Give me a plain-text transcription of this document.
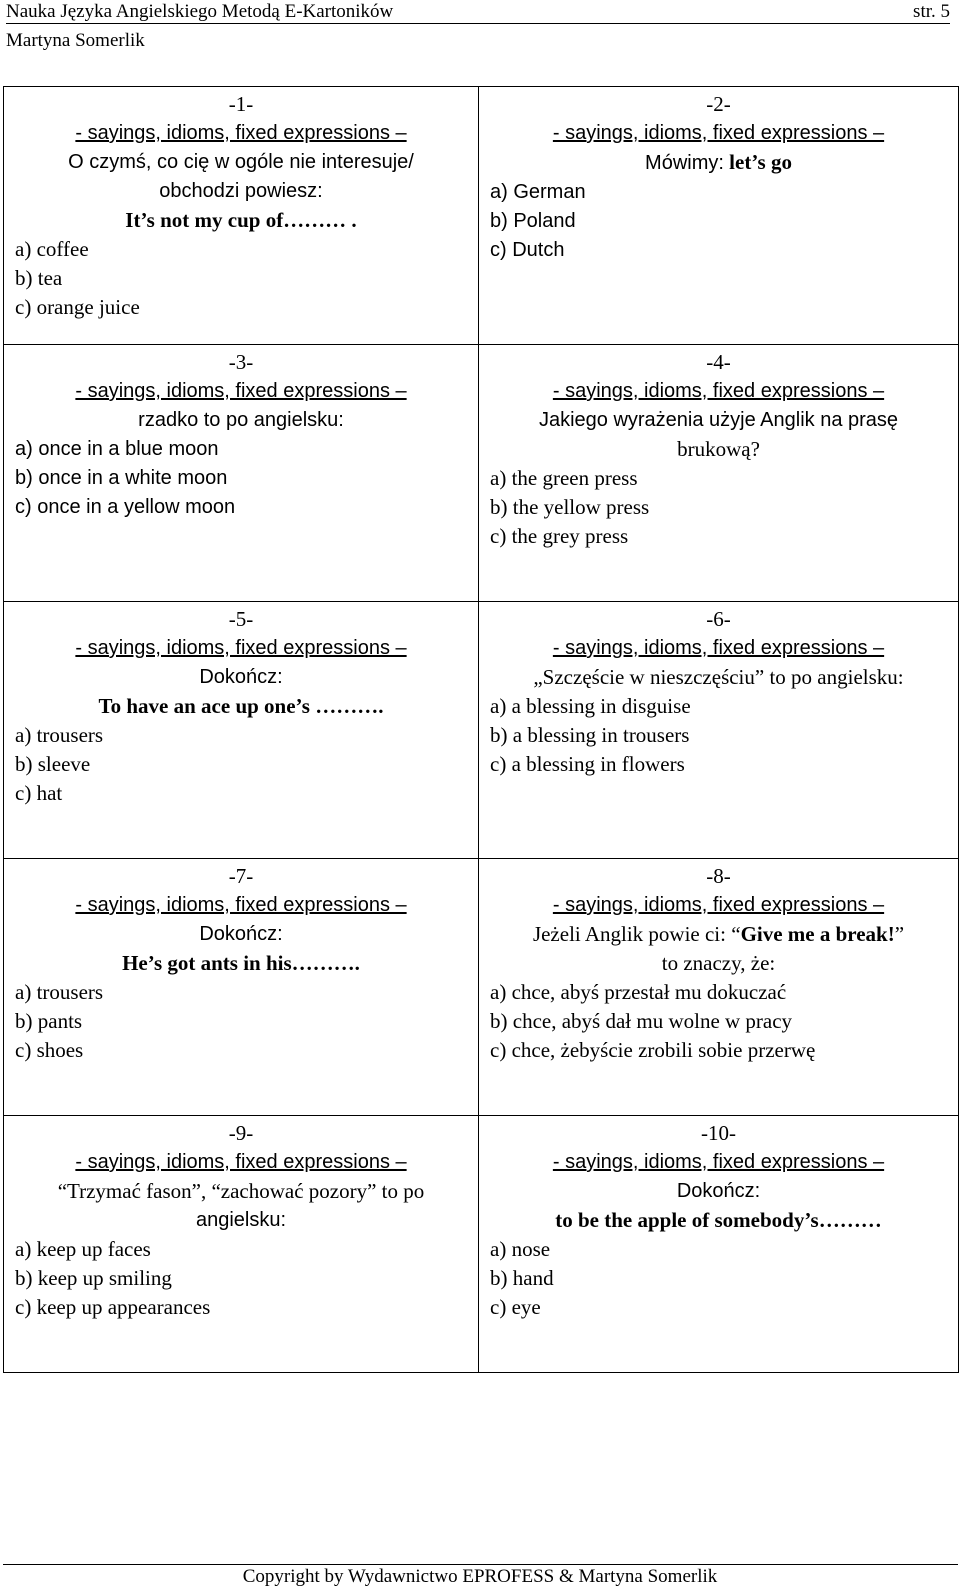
Nauka Języka Angielskiego Metodą E-Kartoników	str. 5
Martyna Somerlik
-1-
- sayings, idioms, fixed expressions –
O czymś, co cię w ogóle nie interesuje/
obchodzi powiesz:
It’s not my cup of……… .
a) coffee
b) tea
c) orange juice
-2-
- sayings, idioms, fixed expressions –
Mówimy: let’s go
a) German
b) Poland
c) Dutch
-3-
- sayings, idioms, fixed expressions –
rzadko to po angielsku:
a) once in a blue moon
b) once in a white moon
c) once in a yellow moon
-4-
- sayings, idioms, fixed expressions –
Jakiego wyrażenia użyje Anglik na prasę
brukową?
a) the green press
b) the yellow press
c) the grey press
-5-
- sayings, idioms, fixed expressions –
Dokończ:
To have an ace up one’s ……….
a) trousers
b) sleeve
c) hat
-6-
- sayings, idioms, fixed expressions –
„Szczęście w nieszczęściu” to po angielsku:
a) a blessing in disguise
b) a blessing in trousers
c) a blessing in flowers
-7-
- sayings, idioms, fixed expressions –
Dokończ:
He’s got ants in his……….
a) trousers
b) pants
c) shoes
-8-
- sayings, idioms, fixed expressions –
Jeżeli Anglik powie ci: “Give me a break!”
to znaczy, że:
a) chce, abyś przestał mu dokuczać
b) chce, abyś dał mu wolne w pracy
c) chce, żebyście zrobili sobie przerwę
-9-
- sayings, idioms, fixed expressions –
“Trzymać fason”, “zachować pozory” to po
angielsku:
a) keep up faces
b) keep up smiling
c) keep up appearances
-10-
- sayings, idioms, fixed expressions –
Dokończ:
to be the apple of somebody’s………
a) nose
b) hand
c) eye
Copyright by Wydawnictwo EPROFESS & Martyna Somerlik
